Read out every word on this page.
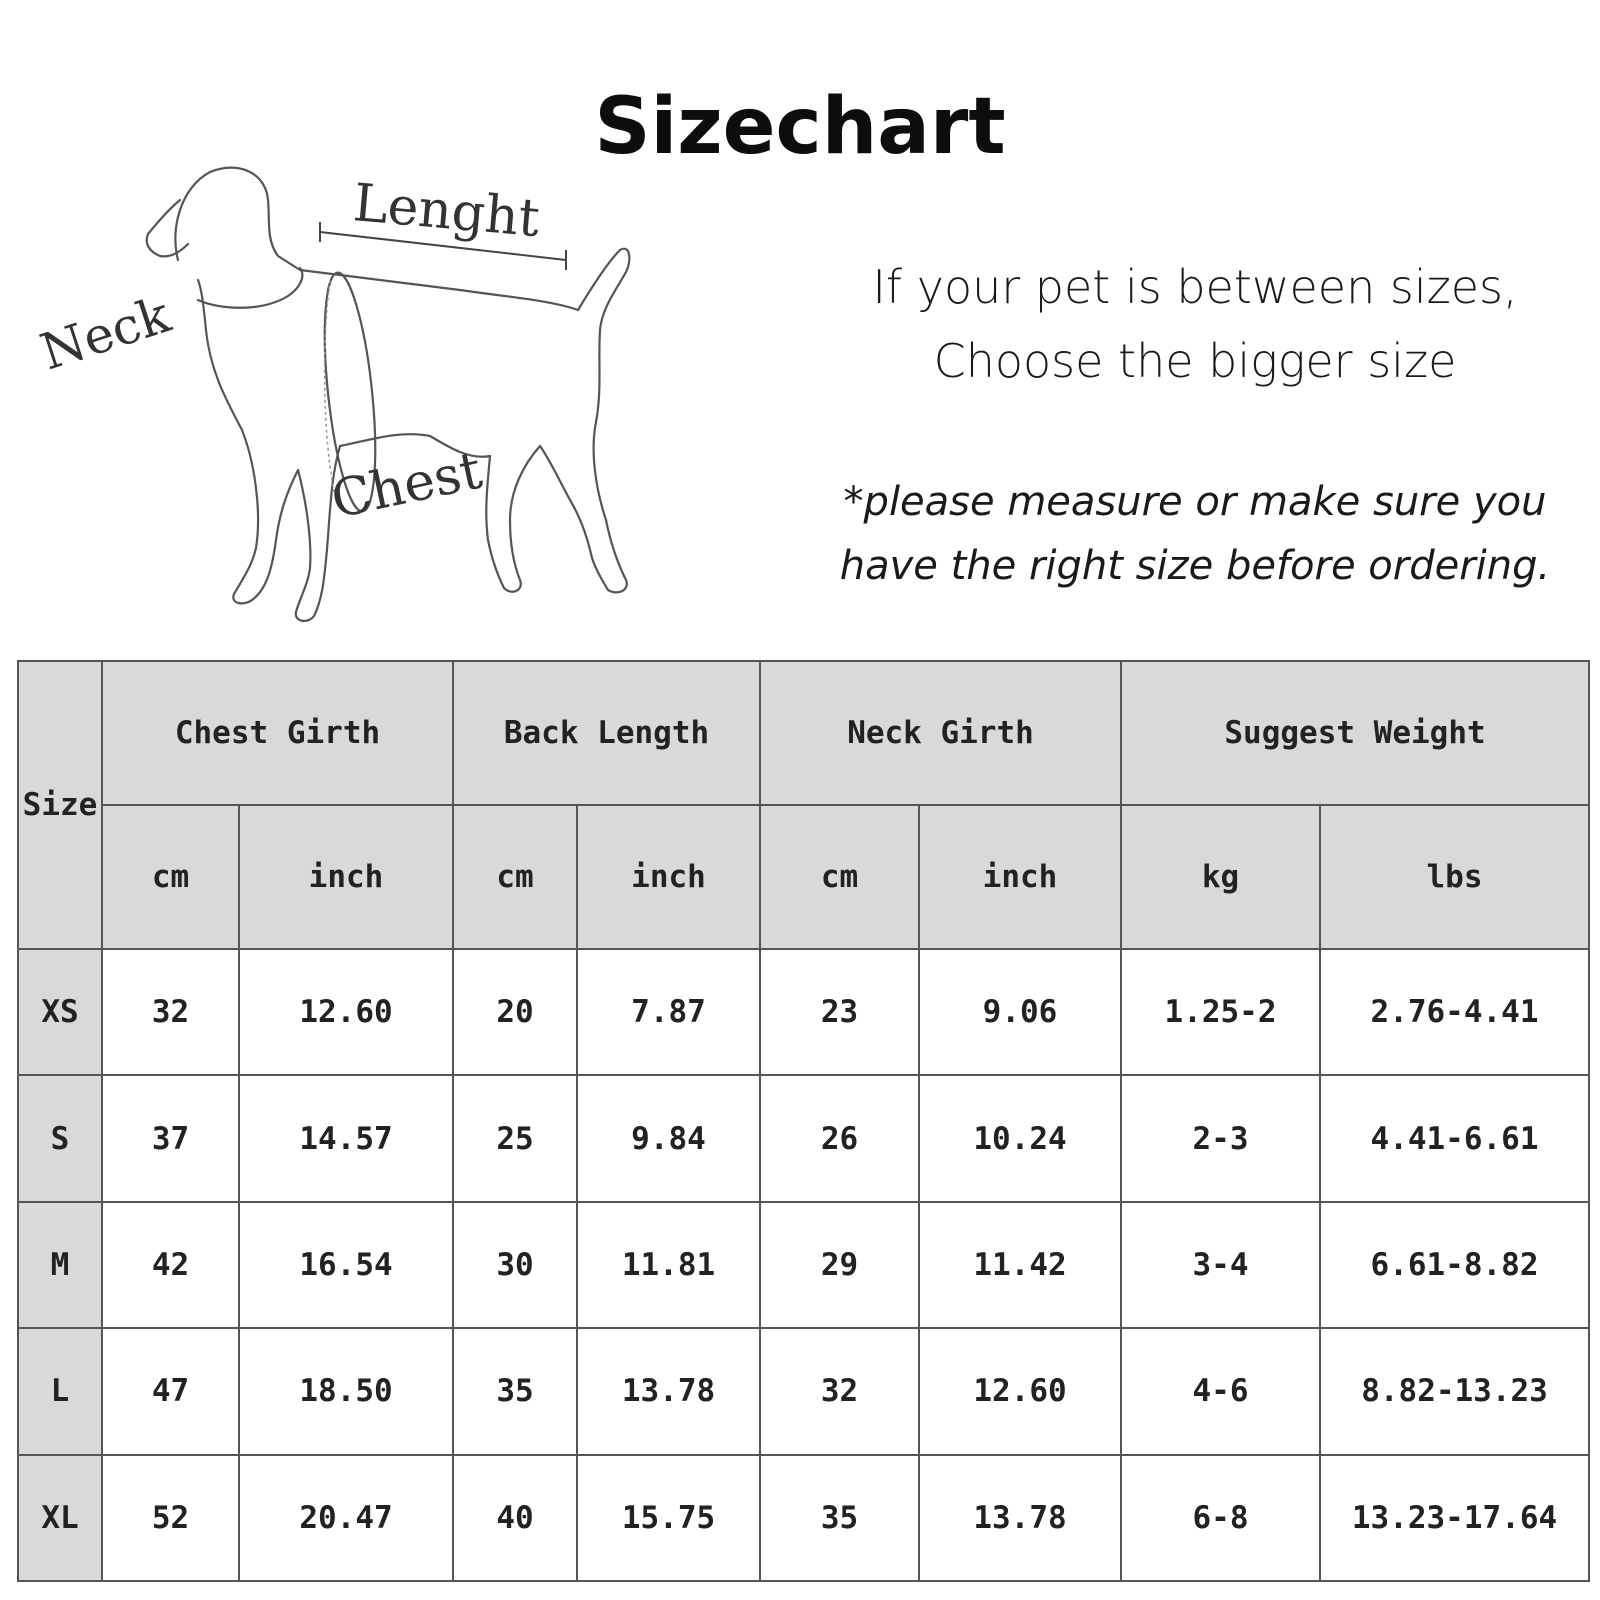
Sizechart
Lenght
Neck
Chest
If your pet is between sizes,
Choose the bigger size
*please measure or make sure you
have the right size before ordering.
Size	Chest Girth		Back Length		Neck Girth		Suggest Weight	
	cm	inch	cm	inch	cm	inch	kg	lbs
XS	32	12.60	20	7.87	23	9.06	1.25-2	2.76-4.41
S	37	14.57	25	9.84	26	10.24	2-3	4.41-6.61
M	42	16.54	30	11.81	29	11.42	3-4	6.61-8.82
L	47	18.50	35	13.78	32	12.60	4-6	8.82-13.23
XL	52	20.47	40	15.75	35	13.78	6-8	13.23-17.64
